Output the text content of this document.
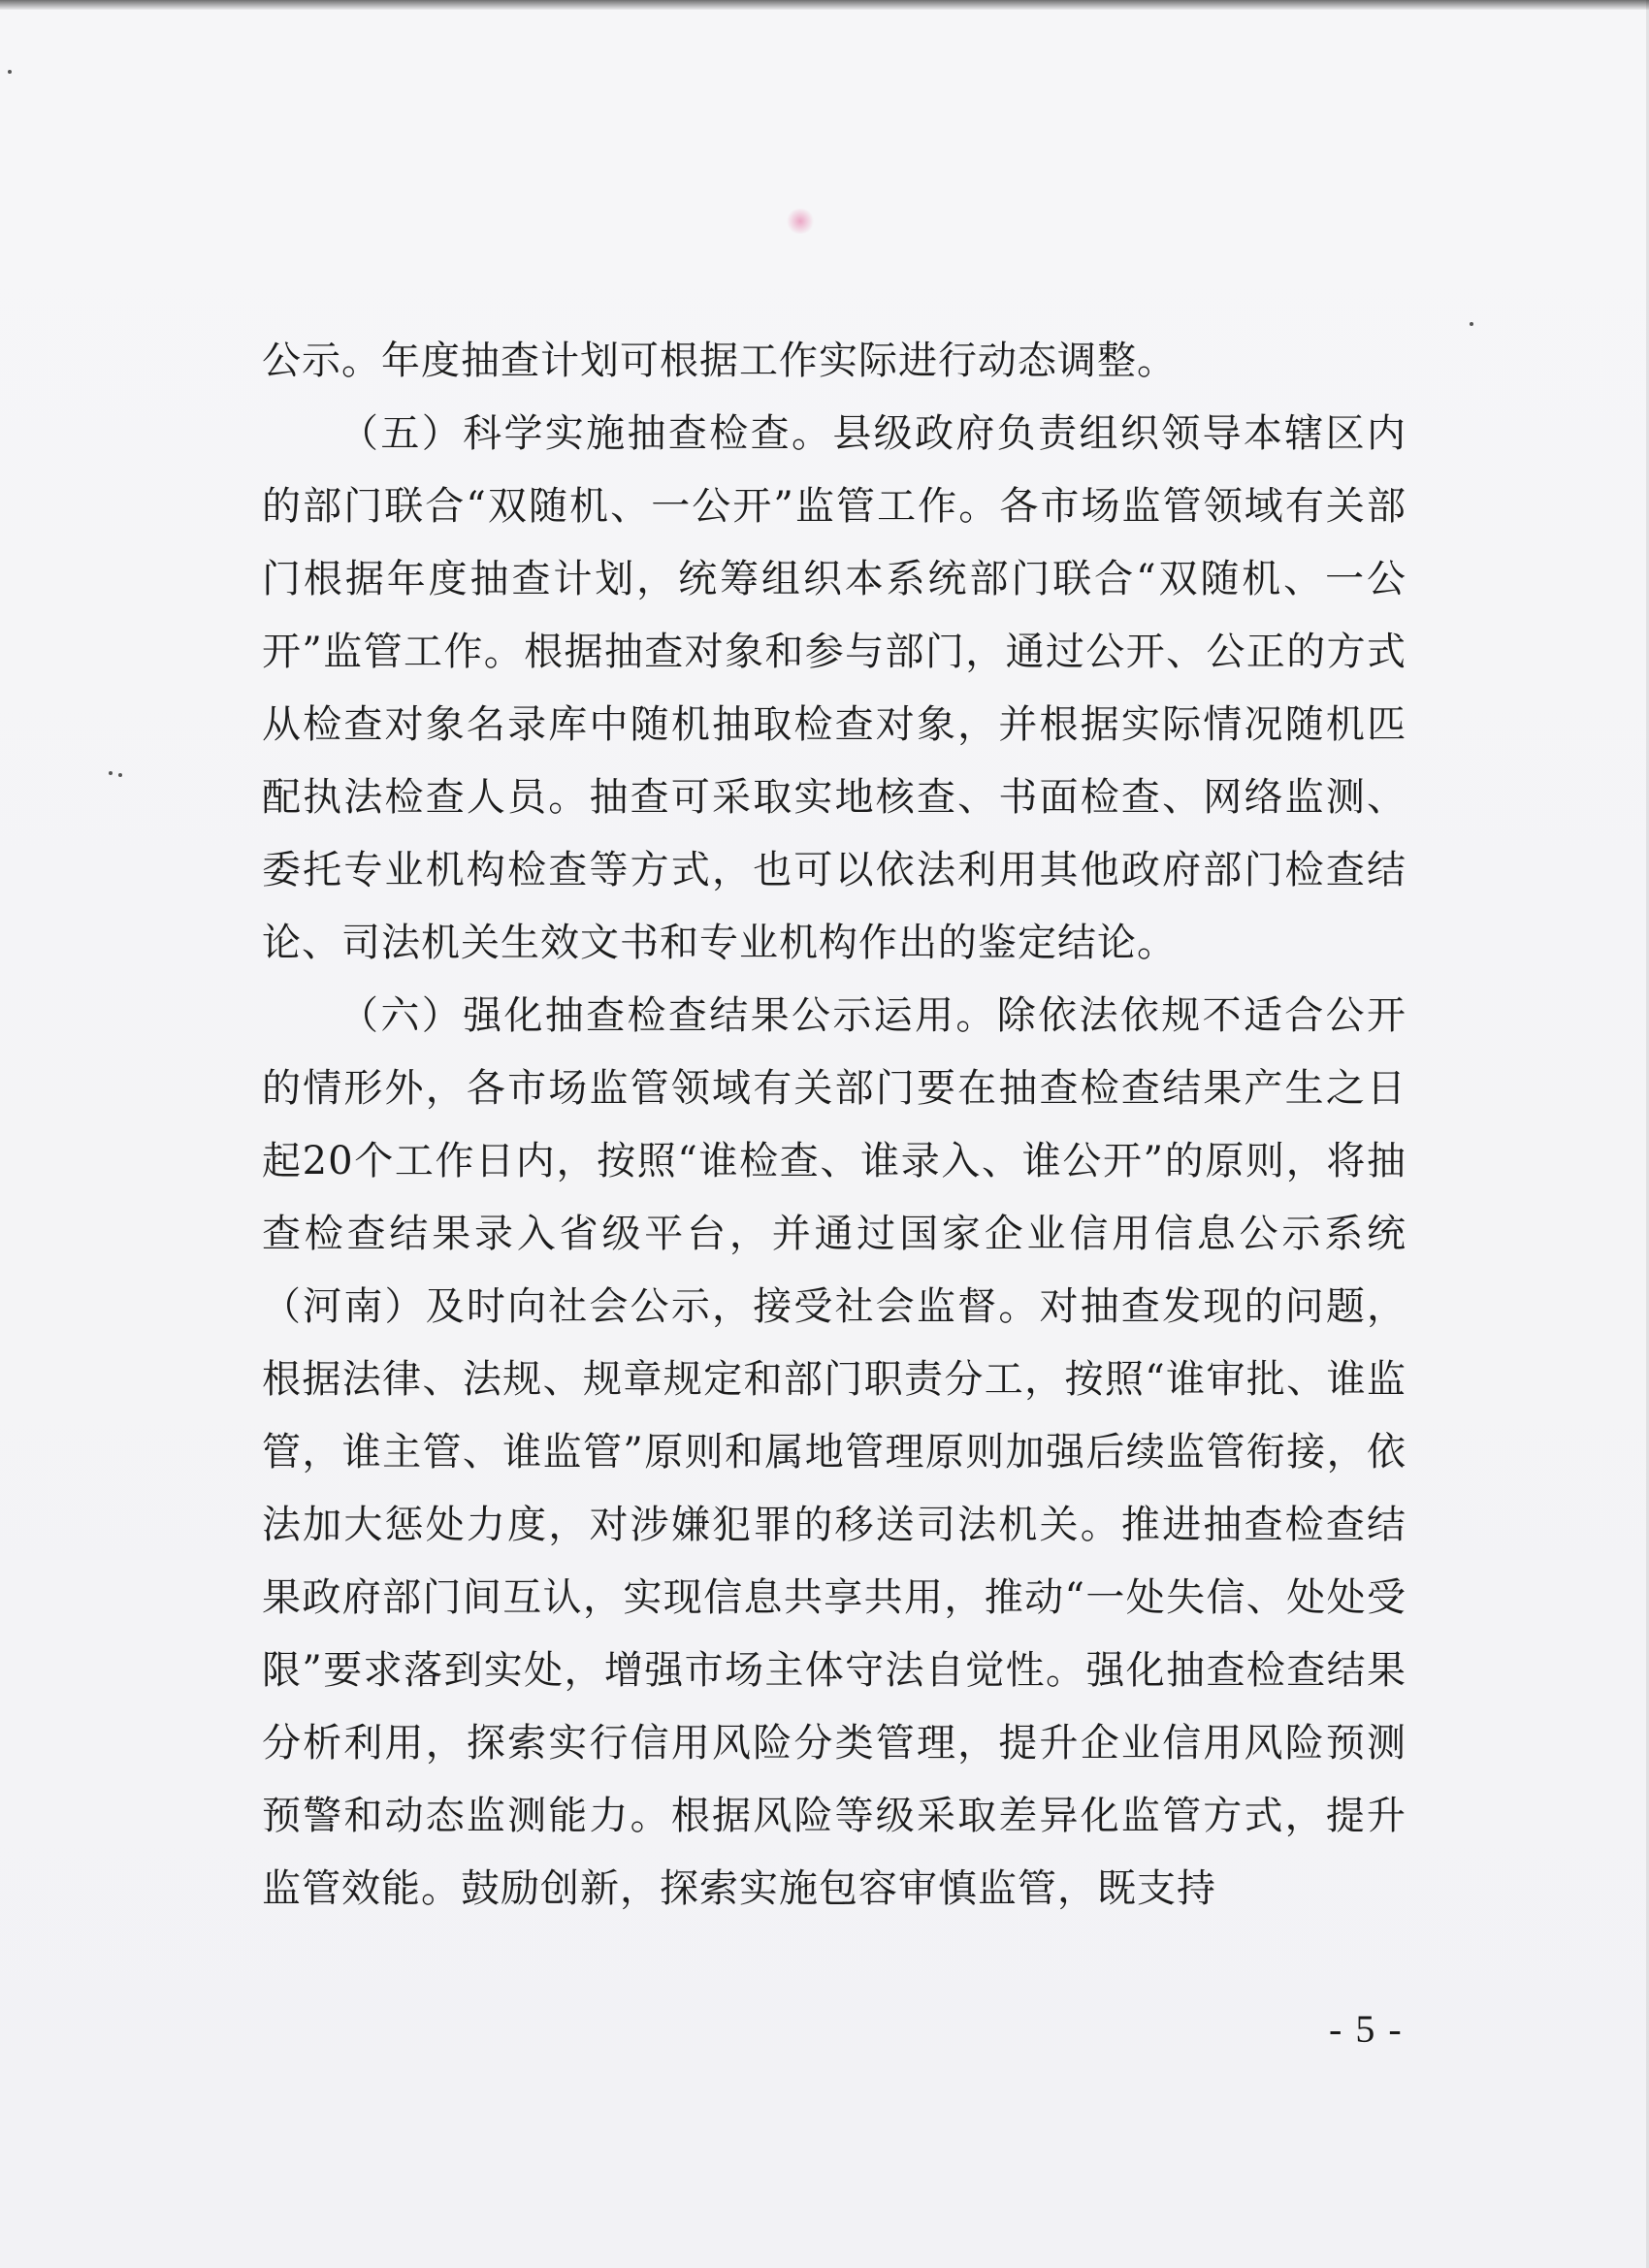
公示。年度抽查计划可根据工作实际进行动态调整。

（五）科学实施抽查检查。县级政府负责组织领导本辖区内的部门联合“双随机、一公开”监管工作。各市场监管领域有关部门根据年度抽查计划，统筹组织本系统部门联合“双随机、一公开”监管工作。根据抽查对象和参与部门，通过公开、公正的方式从检查对象名录库中随机抽取检查对象，并根据实际情况随机匹配执法检查人员。抽查可采取实地核查、书面检查、网络监测、委托专业机构检查等方式，也可以依法利用其他政府部门检查结论、司法机关生效文书和专业机构作出的鉴定结论。

（六）强化抽查检查结果公示运用。除依法依规不适合公开的情形外，各市场监管领域有关部门要在抽查检查结果产生之日起20个工作日内，按照“谁检查、谁录入、谁公开”的原则，将抽查检查结果录入省级平台，并通过国家企业信用信息公示系统（河南）及时向社会公示，接受社会监督。对抽查发现的问题，根据法律、法规、规章规定和部门职责分工，按照“谁审批、谁监管，谁主管、谁监管”原则和属地管理原则加强后续监管衔接，依法加大惩处力度，对涉嫌犯罪的移送司法机关。推进抽查检查结果政府部门间互认，实现信息共享共用，推动“一处失信、处处受限”要求落到实处，增强市场主体守法自觉性。强化抽查检查结果分析利用，探索实行信用风险分类管理，提升企业信用风险预测预警和动态监测能力。根据风险等级采取差异化监管方式，提升监管效能。鼓励创新，探索实施包容审慎监管，既支持

- 5 -
